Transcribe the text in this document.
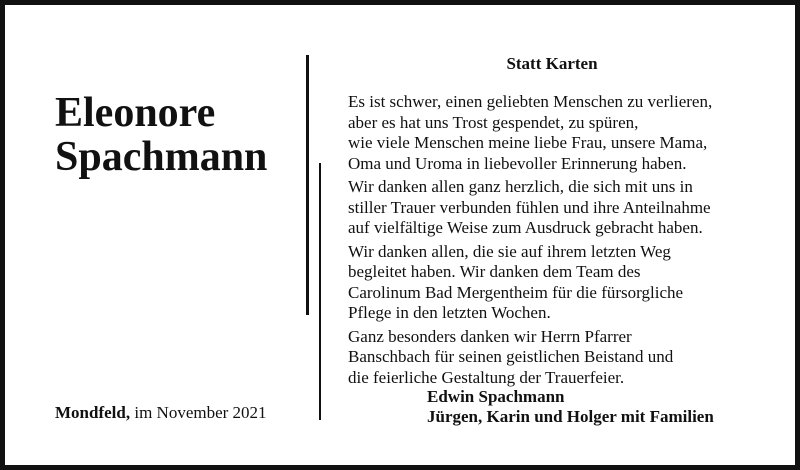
Eleonore
Spachmann
Mondfeld, im November 2021
Statt Karten

Es ist schwer, einen geliebten Menschen zu verlieren,
aber es hat uns Trost gespendet, zu spüren,
wie viele Menschen meine liebe Frau, unsere Mama,
Oma und Uroma in liebevoller Erinnerung haben.

Wir danken allen ganz herzlich, die sich mit uns in
stiller Trauer verbunden fühlen und ihre Anteilnahme
auf vielfältige Weise zum Ausdruck gebracht haben.

Wir danken allen, die sie auf ihrem letzten Weg
begleitet haben. Wir danken dem Team des
Carolinum Bad Mergentheim für die fürsorgliche
Pflege in den letzten Wochen.

Ganz besonders danken wir Herrn Pfarrer
Banschbach für seinen geistlichen Beistand und
die feierliche Gestaltung der Trauerfeier.

Edwin Spachmann
Jürgen, Karin und Holger mit Familien
